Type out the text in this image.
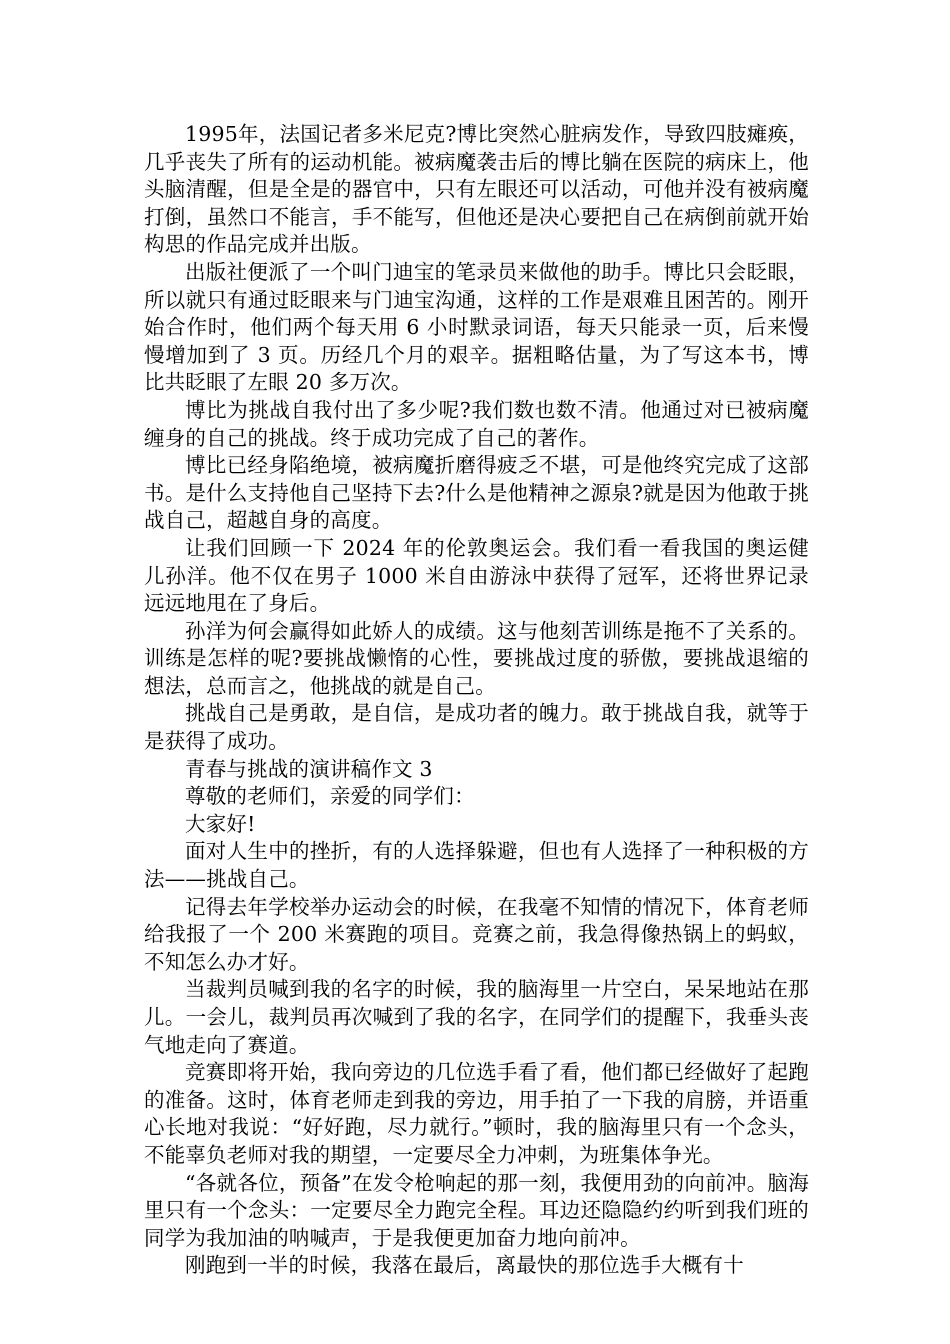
1995年，法国记者多米尼克?博比突然心脏病发作，导致四肢瘫痪，几乎丧失了所有的运动机能。被病魔袭击后的博比躺在医院的病床上，他头脑清醒，但是全是的器官中，只有左眼还可以活动，可他并没有被病魔打倒，虽然口不能言，手不能写，但他还是决心要把自己在病倒前就开始构思的作品完成并出版。

出版社便派了一个叫门迪宝的笔录员来做他的助手。博比只会眨眼，所以就只有通过眨眼来与门迪宝沟通，这样的工作是艰难且困苦的。刚开始合作时，他们两个每天用 6 小时默录词语，每天只能录一页，后来慢慢增加到了 3 页。历经几个月的艰辛。据粗略估量，为了写这本书，博比共眨眼了左眼 20 多万次。

博比为挑战自我付出了多少呢?我们数也数不清。他通过对已被病魔缠身的自己的挑战。终于成功完成了自己的著作。

博比已经身陷绝境，被病魔折磨得疲乏不堪，可是他终究完成了这部书。是什么支持他自己坚持下去?什么是他精神之源泉?就是因为他敢于挑战自己，超越自身的高度。

让我们回顾一下 2024 年的伦敦奥运会。我们看一看我国的奥运健儿孙洋。他不仅在男子 1000 米自由游泳中获得了冠军，还将世界记录远远地甩在了身后。

孙洋为何会赢得如此娇人的成绩。这与他刻苦训练是拖不了关系的。训练是怎样的呢?要挑战懒惰的心性，要挑战过度的骄傲，要挑战退缩的想法，总而言之，他挑战的就是自己。

挑战自己是勇敢，是自信，是成功者的魄力。敢于挑战自我，就等于是获得了成功。

青春与挑战的演讲稿作文 3

尊敬的老师们，亲爱的同学们：

大家好!

面对人生中的挫折，有的人选择躲避，但也有人选择了一种积极的方法——挑战自己。

记得去年学校举办运动会的时候，在我毫不知情的情况下，体育老师给我报了一个 200 米赛跑的项目。竞赛之前，我急得像热锅上的蚂蚁，不知怎么办才好。

当裁判员喊到我的名字的时候，我的脑海里一片空白，呆呆地站在那儿。一会儿，裁判员再次喊到了我的名字，在同学们的提醒下，我垂头丧气地走向了赛道。

竞赛即将开始，我向旁边的几位选手看了看，他们都已经做好了起跑的准备。这时，体育老师走到我的旁边，用手拍了一下我的肩膀，并语重心长地对我说：“好好跑，尽力就行。”顿时，我的脑海里只有一个念头，不能辜负老师对我的期望，一定要尽全力冲刺，为班集体争光。

“各就各位，预备”在发令枪响起的那一刻，我便用劲的向前冲。脑海里只有一个念头：一定要尽全力跑完全程。耳边还隐隐约约听到我们班的同学为我加油的呐喊声，于是我便更加奋力地向前冲。

刚跑到一半的时候，我落在最后，离最快的那位选手大概有十
